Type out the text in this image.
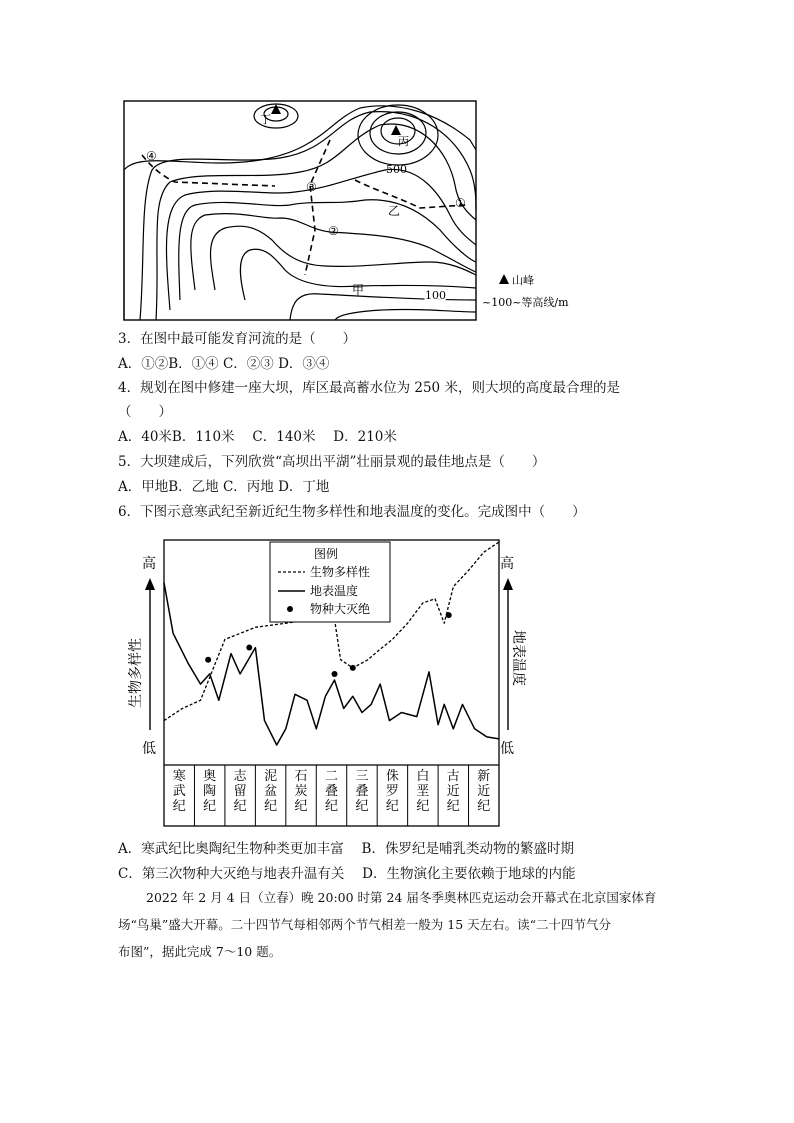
丁
丙
500
乙
甲	100
①
②
③
④
山峰
~100~等高线/m
3．在图中最可能发育河流的是（　　）
A．①②B．①④ C．②③ D．③④
4．规划在图中修建一座大坝，库区最高蓄水位为 250 米，则大坝的高度最合理的是
（　　）
A．40米B．110米　 C．140米　 D．210米
5．大坝建成后，下列欣赏“高坝出平湖”壮丽景观的最佳地点是（　　）
A．甲地B．乙地 C．丙地 D．丁地
6．下图示意寒武纪至新近纪生物多样性和地表温度的变化。完成图中（　　）
寒武纪
奥陶纪
志留纪
泥盆纪
石炭纪
二叠纪
三叠纪
侏罗纪
白垩纪
古近纪
新近纪
高
低
生物多样性
高
低
地表温度
图例
生物多样性
地表温度
物种大灭绝
A．寒武纪比奥陶纪生物种类更加丰富　 B．侏罗纪是哺乳类动物的繁盛时期
C．第三次物种大灭绝与地表升温有关　 D．生物演化主要依赖于地球的内能
2022 年 2 月 4 日（立春）晚 20:00 时第 24 届冬季奥林匹克运动会开幕式在北京国家体育
场“鸟巢”盛大开幕。二十四节气每相邻两个节气相差一般为 15 天左右。读“二十四节气分
布图”，据此完成 7～10 题。
